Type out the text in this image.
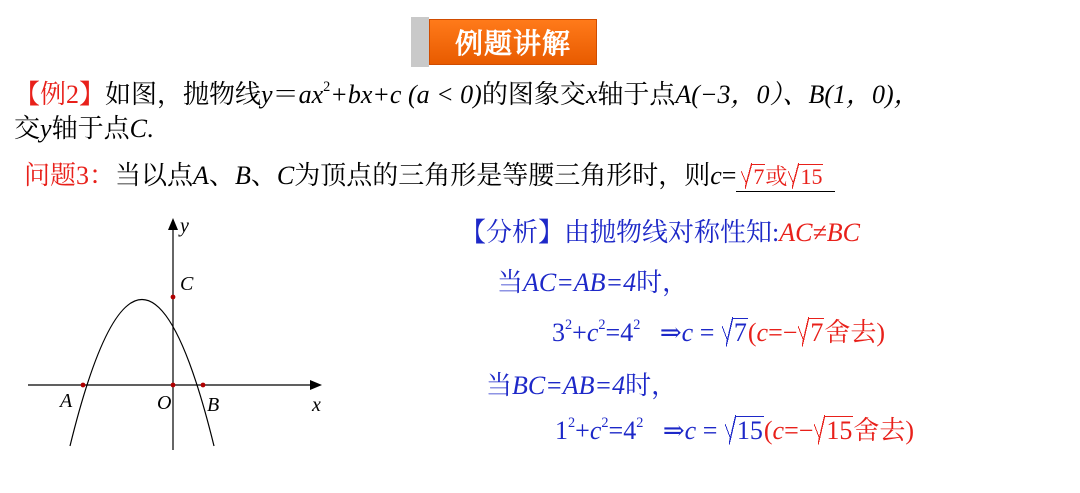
例题讲解
【例2】如图，抛物线$y=ax^2+bx+c$ (a < 0)的图象交x轴于点A(−3，0）、B(1，0)，
交y轴于点C.
问题3：当以点A、B、C为顶点的三角形是等腰三角形时，则c= 7或 15
y
x
A	O B
C
【分析】由抛物线对称性知:AC≠BC
当AC=AB=4时，
$3^2+c^2=4^2$ ⇒c = 7(c=− 7舍去)
当BC=AB=4时，
$1^2+c^2=4^2$ ⇒c = 15(c=− 15舍去)
